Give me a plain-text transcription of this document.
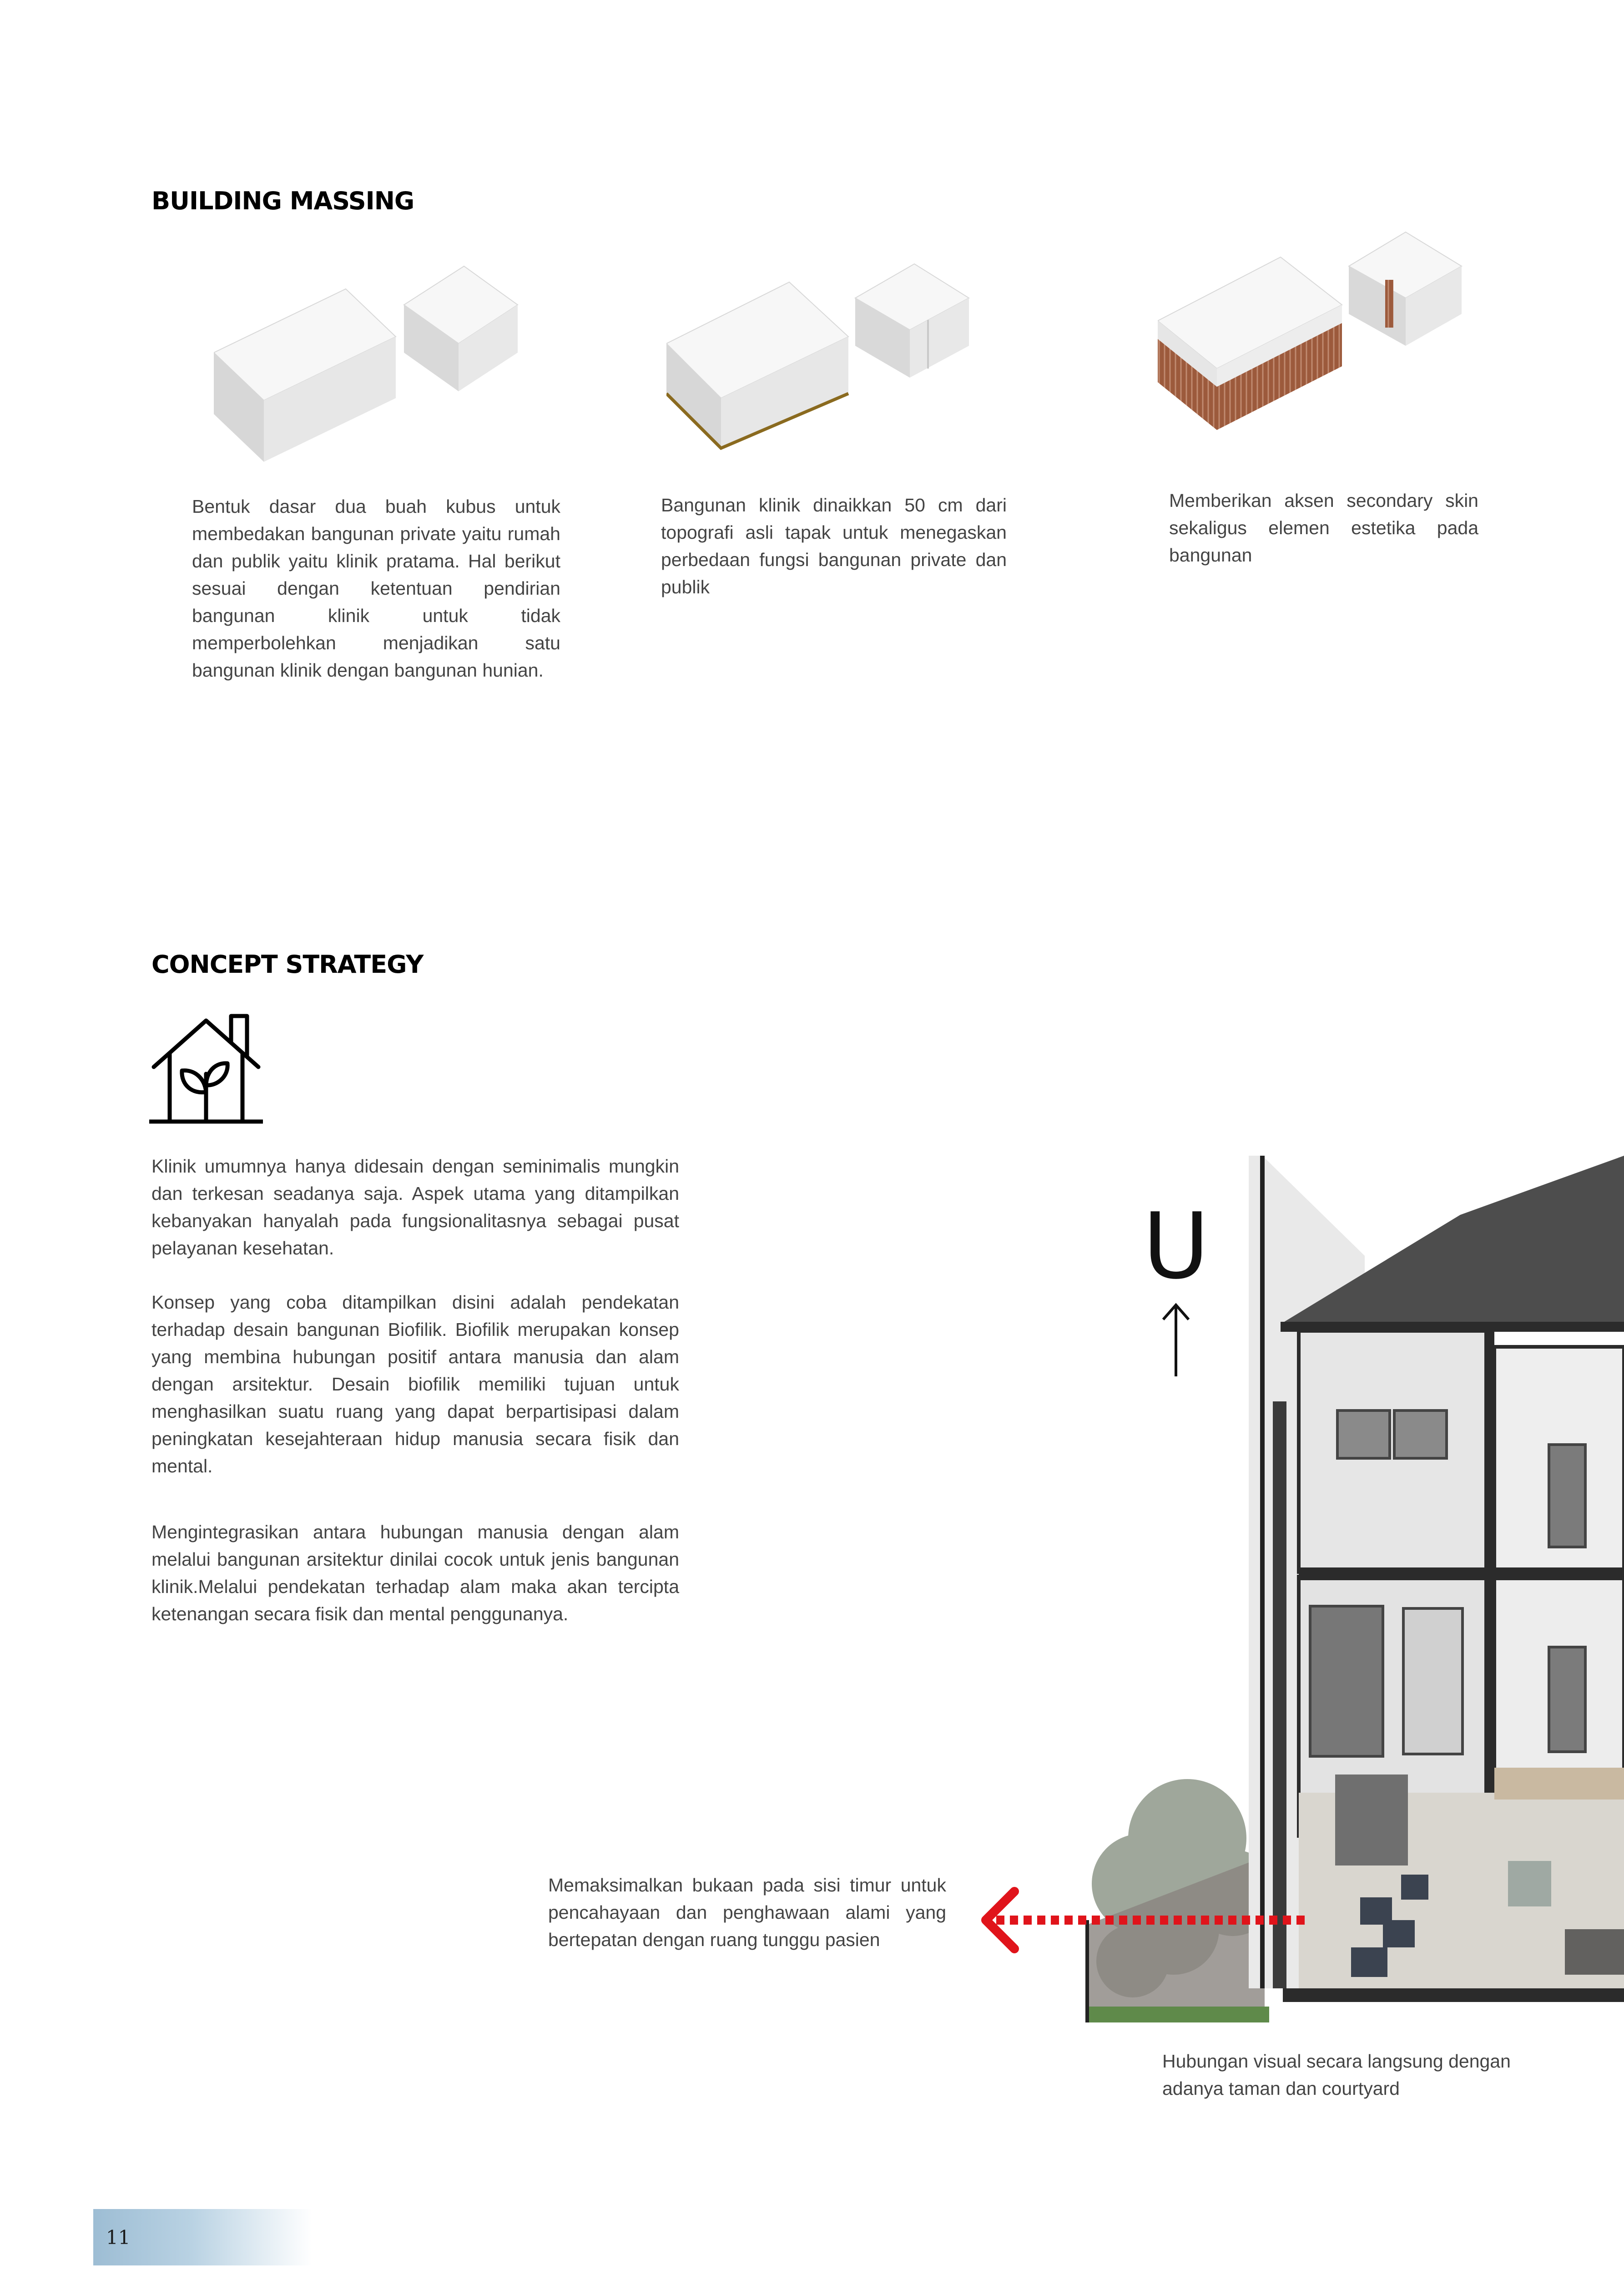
BUILDING MASSING

Bentuk dasar dua buah kubus untuk membedakan bangunan private yaitu rumah dan publik yaitu klinik pratama. Hal berikut sesuai dengan ketentuan pendirian bangunan klinik untuk tidak memperbolehkan menjadikan satu bangunan klinik dengan bangunan hunian.

Bangunan klinik dinaikkan 50 cm dari topografi asli tapak untuk menegaskan perbedaan fungsi bangunan private dan publik

Memberikan aksen secondary skin sekaligus elemen estetika pada bangunan

CONCEPT STRATEGY

Klinik umumnya hanya didesain dengan seminimalis mungkin dan terkesan seadanya saja. Aspek utama yang ditampilkan kebanyakan hanyalah pada fungsionalitasnya sebagai pusat pelayanan kesehatan.

Konsep yang coba ditampilkan disini adalah pendekatan terhadap desain bangunan Biofilik. Biofilik merupakan konsep yang membina hubungan positif antara manusia dan alam dengan arsitektur. Desain biofilik memiliki tujuan untuk menghasilkan suatu ruang yang dapat berpartisipasi dalam peningkatan kesejahteraan hidup manusia secara fisik dan mental.

Mengintegrasikan antara hubungan manusia dengan alam melalui bangunan arsitektur dinilai cocok untuk jenis bangunan klinik.Melalui pendekatan terhadap alam maka akan tercipta ketenangan secara fisik dan mental penggunanya.

U

Memaksimalkan bukaan pada sisi timur untuk pencahayaan dan penghawaan alami yang bertepatan dengan ruang tunggu pasien

Hubungan visual secara langsung dengan adanya taman dan courtyard

11
